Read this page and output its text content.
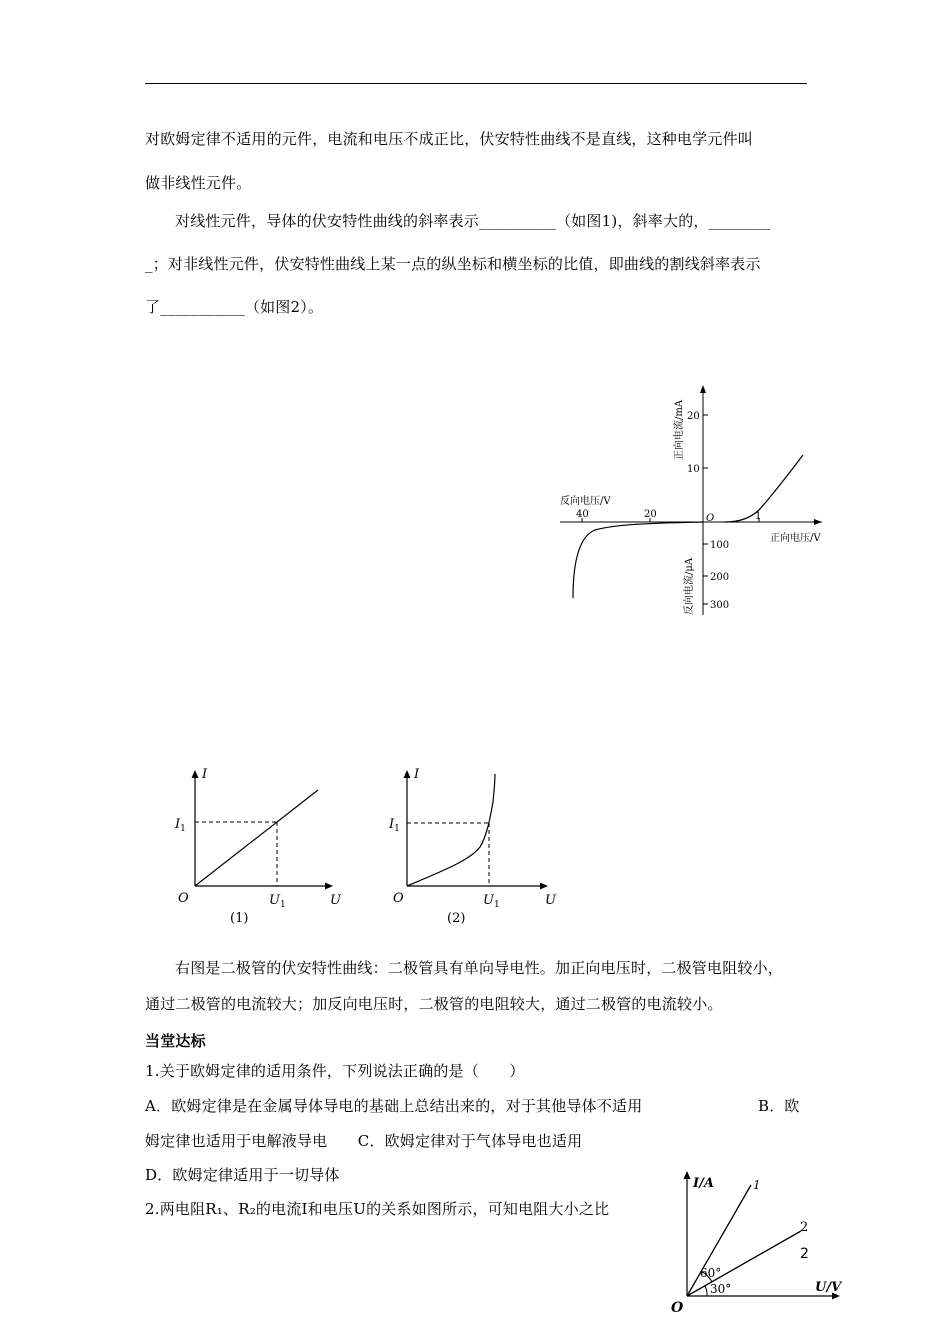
对欧姆定律不适用的元件，电流和电压不成正比，伏安特性曲线不是直线，这种电学元件叫
做非线性元件。
对线性元件，导体的伏安特性曲线的斜率表示__________（如图1)，斜率大的，________
_；对非线性元件，伏安特性曲线上某一点的纵坐标和横坐标的比值，即曲线的割线斜率表示
了___________（如图2）。
20
10
100
200
300
40	20	1
O
反向电压/V
正向电压/V
正向电流/mA
反向电流/μA
I
U
O
$I_1$
$U_1$
(1)
I
U
O
$I_1$
$U_1$
(2)
右图是二极管的伏安特性曲线：二极管具有单向导电性。加正向电压时，二极管电阻较小，
通过二极管的电流较大；加反向电压时，二极管的电阻较大，通过二极管的电流较小。
当堂达标
1.关于欧姆定律的适用条件，下列说法正确的是（　　）
A．欧姆定律是在金属导体导电的基础上总结出来的，对于其他导体不适用	B．欧
姆定律也适用于电解液导电　　C．欧姆定律对于气体导电也适用
D．欧姆定律适用于一切导体
2.两电阻R₁、R₂的电流I和电压U的关系如图所示，可知电阻大小之比
2
I/A
U/V
O
1
2
60°
30°
